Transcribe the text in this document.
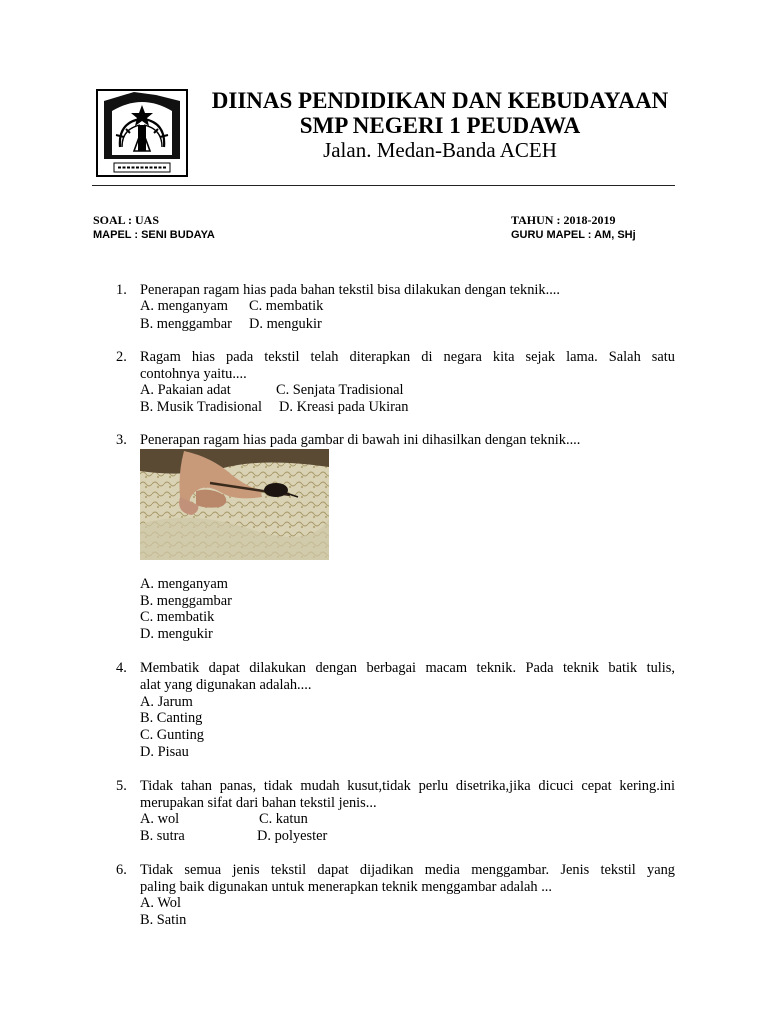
DIINAS PENDIDIKAN DAN KEBUDAYAAN
SMP NEGERI 1 PEUDAWA
Jalan. Medan-Banda ACEH
SOAL : UAS
MAPEL : SENI BUDAYA
TAHUN : 2018-2019
GURU MAPEL : AM, SHj
1. Penerapan ragam hias pada bahan tekstil bisa dilakukan dengan teknik....
A. menganyam C. membatik
B. menggambar D. mengukir
2. Ragam hias pada tekstil telah diterapkan di negara kita sejak lama. Salah satu
contohnya yaitu....
A. Pakaian adat	C. Senjata Tradisional
B. Musik Tradisional D. Kreasi pada Ukiran
3. Penerapan ragam hias pada gambar di bawah ini dihasilkan dengan teknik....
A. menganyam
B. menggambar
C. membatik
D. mengukir
4. Membatik dapat dilakukan dengan berbagai macam teknik. Pada teknik batik tulis,
alat yang digunakan adalah....
A. Jarum
B. Canting
C. Gunting
D. Pisau
5. Tidak tahan panas, tidak mudah kusut,tidak perlu disetrika,jika dicuci cepat kering.ini
merupakan sifat dari bahan tekstil jenis...
A. wol	C. katun
B. sutra	D. polyester
6. Tidak semua jenis tekstil dapat dijadikan media menggambar. Jenis tekstil yang
paling baik digunakan untuk menerapkan teknik menggambar adalah ...
A. Wol
B. Satin
